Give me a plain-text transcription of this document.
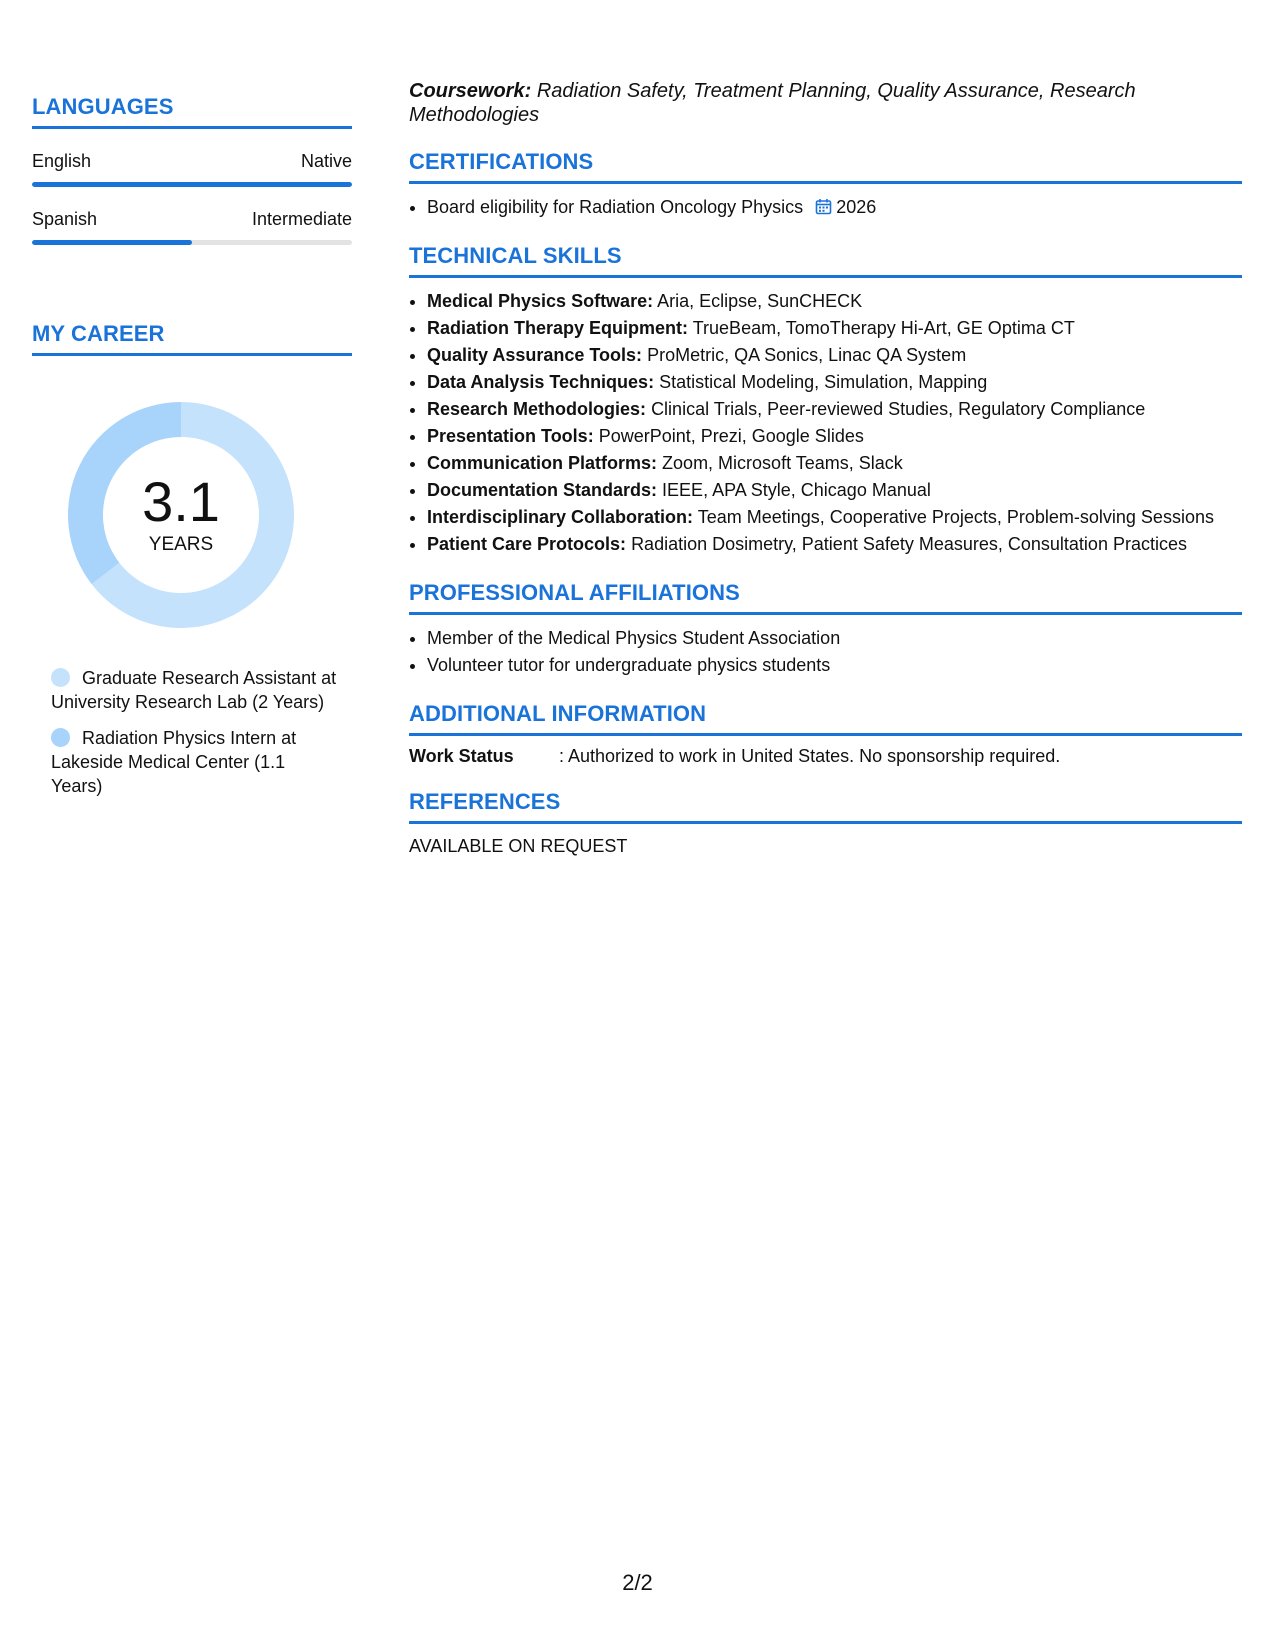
LANGUAGES
English	Native
Spanish	Intermediate
MY CAREER
3.1
YEARS
Graduate Research Assistant at University Research Lab (2 Years)
Radiation Physics Intern at Lakeside Medical Center (1.1 Years)
Coursework: Radiation Safety, Treatment Planning, Quality Assurance, Research Methodologies
CERTIFICATIONS
• Board eligibility for Radiation Oncology Physics 2026
TECHNICAL SKILLS
• Medical Physics Software: Aria, Eclipse, SunCHECK
• Radiation Therapy Equipment: TrueBeam, TomoTherapy Hi-Art, GE Optima CT
• Quality Assurance Tools: ProMetric, QA Sonics, Linac QA System
• Data Analysis Techniques: Statistical Modeling, Simulation, Mapping
• Research Methodologies: Clinical Trials, Peer-reviewed Studies, Regulatory Compliance
• Presentation Tools: PowerPoint, Prezi, Google Slides
• Communication Platforms: Zoom, Microsoft Teams, Slack
• Documentation Standards: IEEE, APA Style, Chicago Manual
• Interdisciplinary Collaboration: Team Meetings, Cooperative Projects, Problem-solving Sessions
• Patient Care Protocols: Radiation Dosimetry, Patient Safety Measures, Consultation Practices
PROFESSIONAL AFFILIATIONS
• Member of the Medical Physics Student Association
• Volunteer tutor for undergraduate physics students
ADDITIONAL INFORMATION
Work Status	: Authorized to work in United States. No sponsorship required.
REFERENCES
AVAILABLE ON REQUEST
2/2
